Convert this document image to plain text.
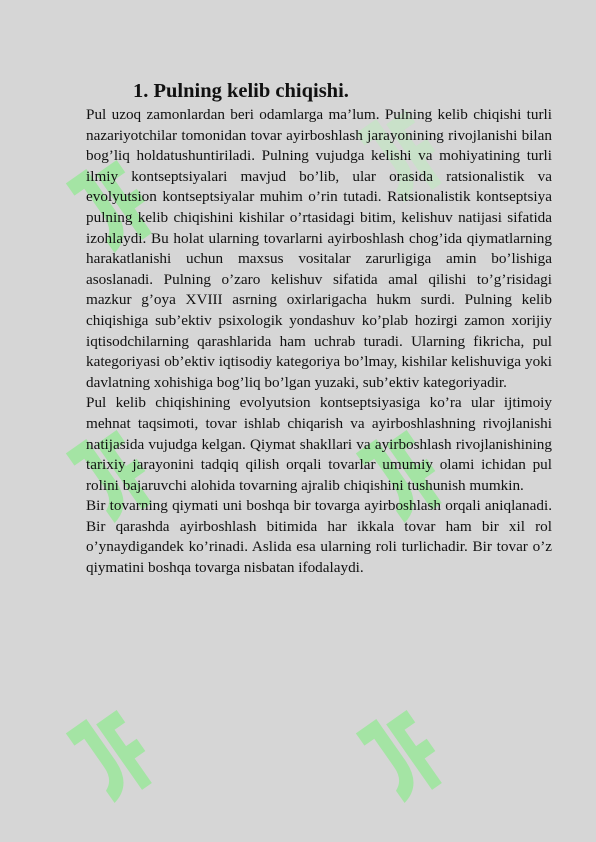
1. Pulning kelib chiqishi.

Pul uzoq zamonlardan beri odamlarga ma’lum. Pulning kelib chiqishi turli nazariyotchilar tomonidan tovar ayirboshlash jarayonining rivojlanishi bilan bog’liq holdatushuntiriladi. Pulning vujudga kelishi va mohiyatining turli ilmiy kontseptsiyalari mavjud bo’lib, ular orasida ratsionalistik va evolyutsion kontseptsiyalar muhim o’rin tutadi. Ratsionalistik kontseptsiya pulning kelib chiqishini kishilar o’rtasidagi bitim, kelishuv natijasi sifatida izohlaydi. Bu holat ularning tovarlarni ayirboshlash chog’ida qiymatlarning harakatlanishi uchun maxsus vositalar zarurligiga amin bo’lishiga asoslanadi. Pulning o’zaro kelishuv sifatida amal qilishi to’g’risidagi mazkur g’oya XVIII asrning oxirlarigacha hukm surdi. Pulning kelib chiqishiga sub’ektiv psixologik yondashuv ko’plab hozirgi zamon xorijiy iqtisodchilarning qarashlarida ham uchrab turadi. Ularning fikricha, pul kategoriyasi ob’ektiv iqtisodiy kategoriya bo’lmay, kishilar kelishuviga yoki davlatning xohishiga bog’liq bo’lgan yuzaki, sub’ektiv kategoriyadir.

Pul kelib chiqishining evolyutsion kontseptsiyasiga ko’ra ular ijtimoiy mehnat taqsimoti, tovar ishlab chiqarish va ayirboshlashning rivojlanishi natijasida vujudga kelgan. Qiymat shakllari va ayirboshlash rivojlanishining tarixiy jarayonini tadqiq qilish orqali tovarlar umumiy olami ichidan pul rolini bajaruvchi alohida tovarning ajralib chiqishini tushunish mumkin.

Bir tovarning qiymati uni boshqa bir tovarga ayirboshlash orqali aniqlanadi. Bir qarashda ayirboshlash bitimida har ikkala tovar ham bir xil rol o’ynaydigandek ko’rinadi. Aslida esa ularning roli turlichadir. Bir tovar o’z qiymatini boshqa tovarga nisbatan ifodalaydi.
